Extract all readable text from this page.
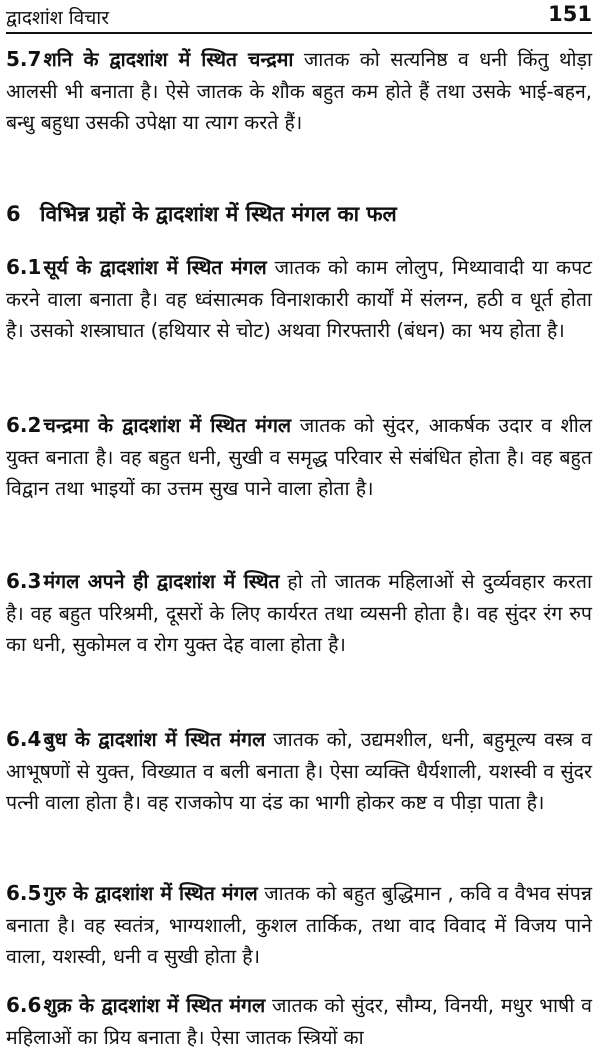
द्वादशांश विचार	151
5.7 शनि के द्वादशांश में स्थित चन्द्रमा जातक को सत्यनिष्ठ व धनी किंतु थोड़ा आलसी भी बनाता है। ऐसे जातक के शौक बहुत कम होते हैं तथा उसके भाई-बहन, बन्धु बहुधा उसकी उपेक्षा या त्याग करते हैं।
6 विभिन्न ग्रहों के द्वादशांश में स्थित मंगल का फल
6.1 सूर्य के द्वादशांश में स्थित मंगल जातक को काम लोलुप, मिथ्यावादी या कपट करने वाला बनाता है। वह ध्वंसात्मक विनाशकारी कार्यों में संलग्न, हठी व धूर्त होता है। उसको शस्त्राघात (हथियार से चोट) अथवा गिरफ्तारी (बंधन) का भय होता है।
6.2 चन्द्रमा के द्वादशांश में स्थित मंगल जातक को सुंदर, आकर्षक उदार व शील युक्त बनाता है। वह बहुत धनी, सुखी व समृद्ध परिवार से संबंधित होता है। वह बहुत विद्वान तथा भाइयों का उत्तम सुख पाने वाला होता है।
6.3 मंगल अपने ही द्वादशांश में स्थित हो तो जातक महिलाओं से दुर्व्यवहार करता है। वह बहुत परिश्रमी, दूसरों के लिए कार्यरत तथा व्यसनी होता है। वह सुंदर रंग रुप का धनी, सुकोमल व रोग युक्त देह वाला होता है।
6.4 बुध के द्वादशांश में स्थित मंगल जातक को, उद्यमशील, धनी, बहुमूल्य वस्त्र व आभूषणों से युक्त, विख्यात व बली बनाता है। ऐसा व्यक्ति धैर्यशाली, यशस्वी व सुंदर पत्नी वाला होता है। वह राजकोप या दंड का भागी होकर कष्ट व पीड़ा पाता है।
6.5 गुरु के द्वादशांश में स्थित मंगल जातक को बहुत बुद्धिमान , कवि व वैभव संपन्न बनाता है। वह स्वतंत्र, भाग्यशाली, कुशल तार्किक, तथा वाद विवाद में विजय पाने वाला, यशस्वी, धनी व सुखी होता है।
6.6 शुक्र के द्वादशांश में स्थित मंगल जातक को सुंदर, सौम्य, विनयी, मधुर भाषी व महिलाओं का प्रिय बनाता है। ऐसा जातक स्त्रियों का
